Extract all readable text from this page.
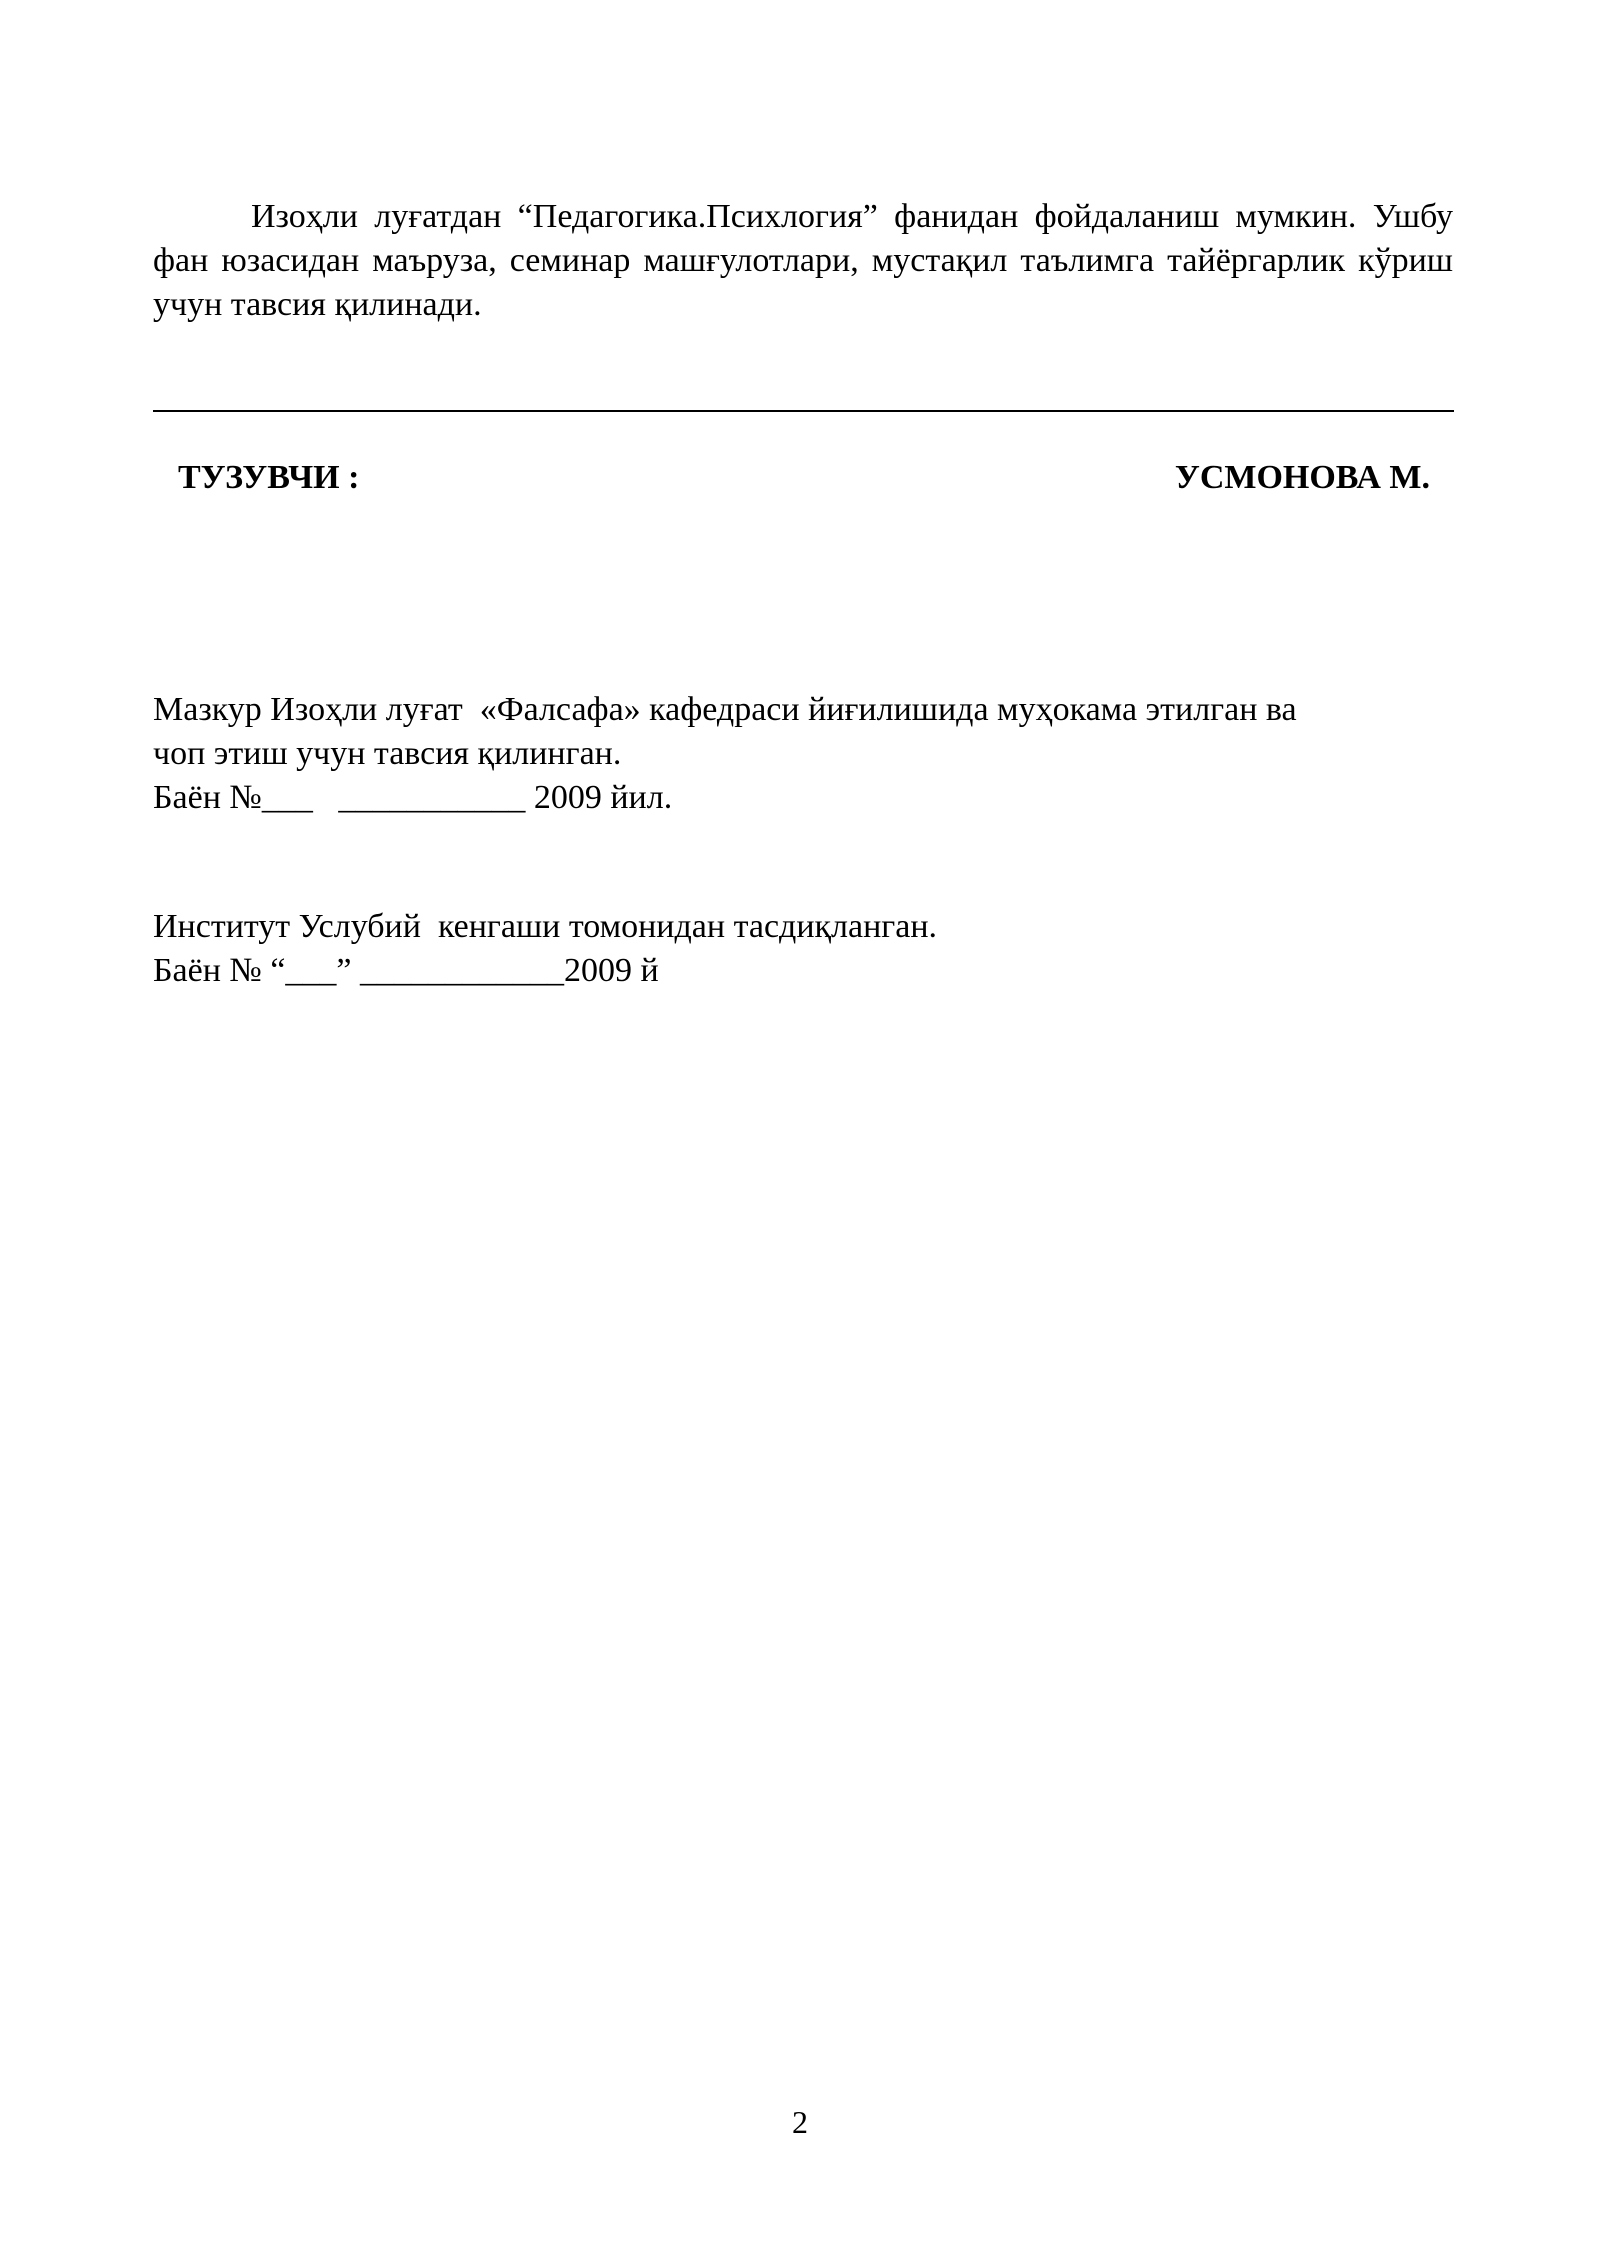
Изоҳли луғатдан “Педагогика.Психлогия” фанидан фойдаланиш мумкин. Ушбу фан юзасидан маъруза, семинар машғулотлари, мустақил таълимга тайёргарлик кўриш учун тавсия қилинади.

ТУЗУВЧИ :	УСМОНОВА М.
Мазкур Изоҳли луғат  «Фалсафа» кафедраси йиғилишида муҳокама этилган ва
чоп этиш учун тавсия қилинган.
Баён №___   ___________ 2009 йил.
Институт Услубий  кенгаши томонидан тасдиқланган.
Баён № “___” ____________2009 й
2
